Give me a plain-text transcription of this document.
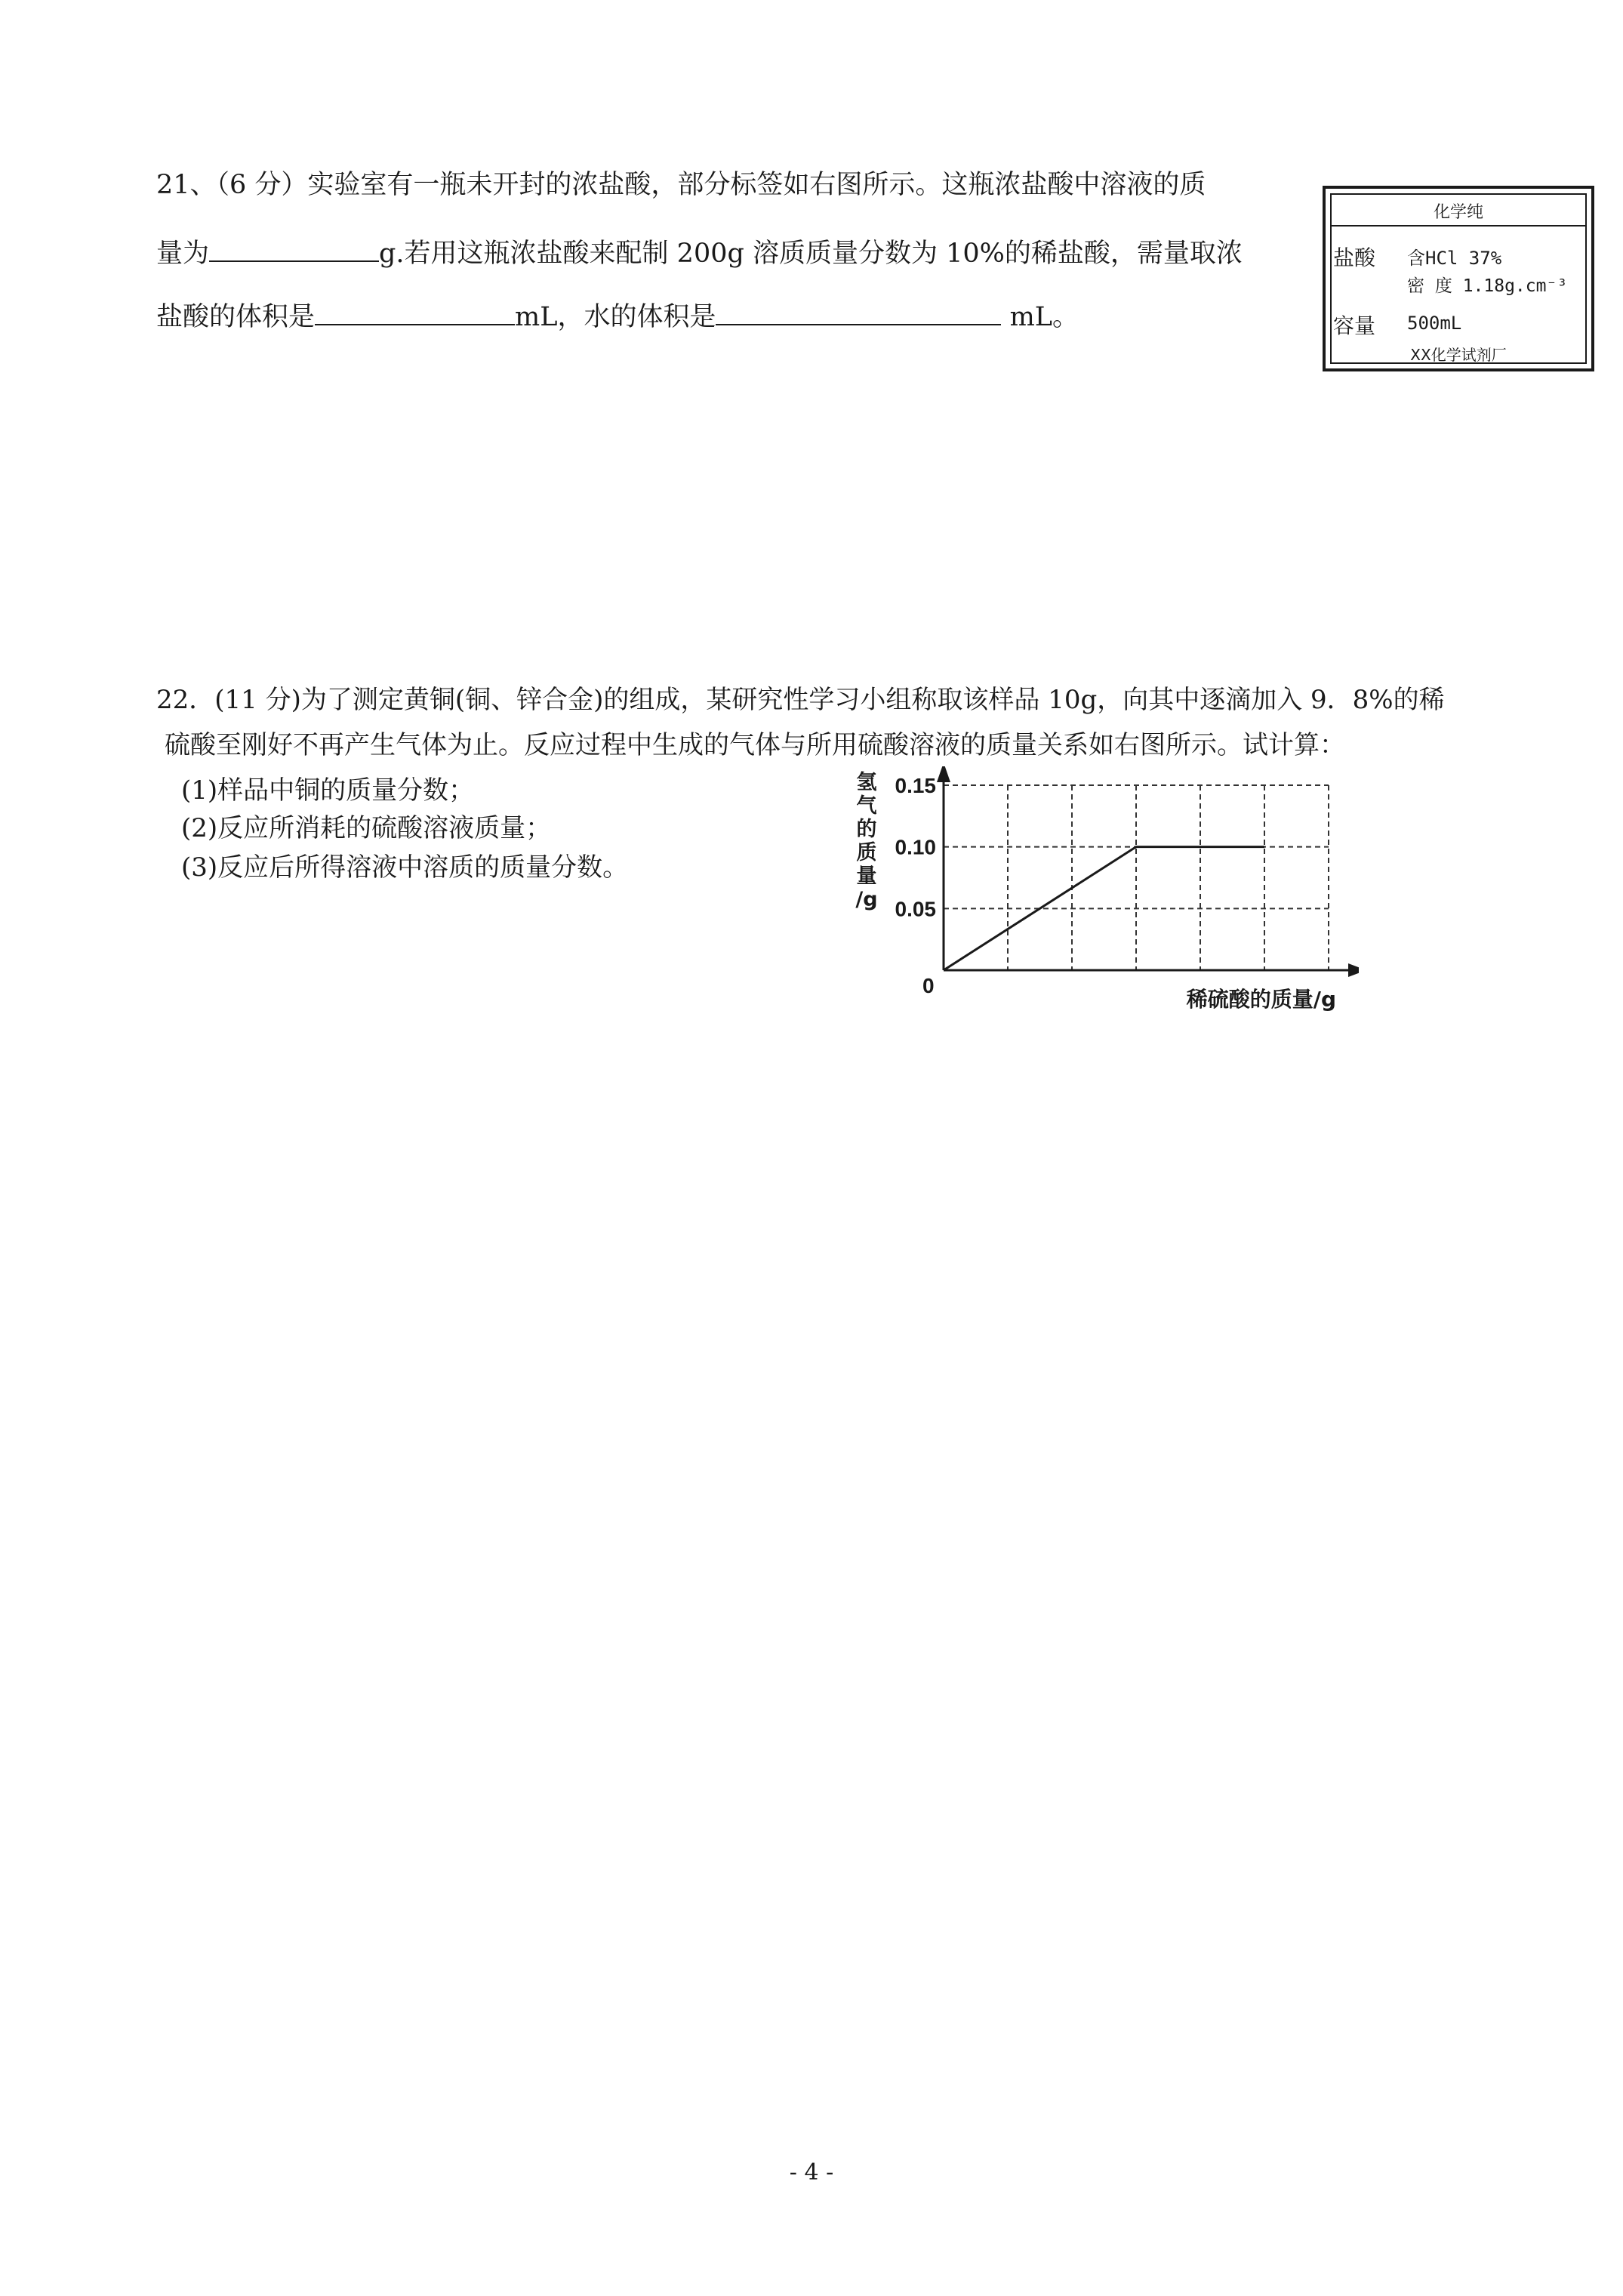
21、（6 分）实验室有一瓶未开封的浓盐酸，部分标签如右图所示。这瓶浓盐酸中溶液的质
量为	g.若用这瓶浓盐酸来配制 200g 溶质质量分数为 10%的稀盐酸，需量取浓
盐酸的体积是	mL，水的体积是	mL。
化学纯
盐酸 含HCl 37%
密 度 1.18g.cm⁻³
容量 500mL
XX化学试剂厂
22．(11 分)为了测定黄铜(铜、锌合金)的组成，某研究性学习小组称取该样品 10g，向其中逐滴加入 9．8%的稀
硫酸至刚好不再产生气体为止。反应过程中生成的气体与所用硫酸溶液的质量关系如右图所示。试计算：
(1)样品中铜的质量分数；
(2)反应所消耗的硫酸溶液质量；
(3)反应后所得溶液中溶质的质量分数。
0.05
0.10
0.15
氢
气
的
质
量
/g
0
稀硫酸的质量/g
- 4 -
